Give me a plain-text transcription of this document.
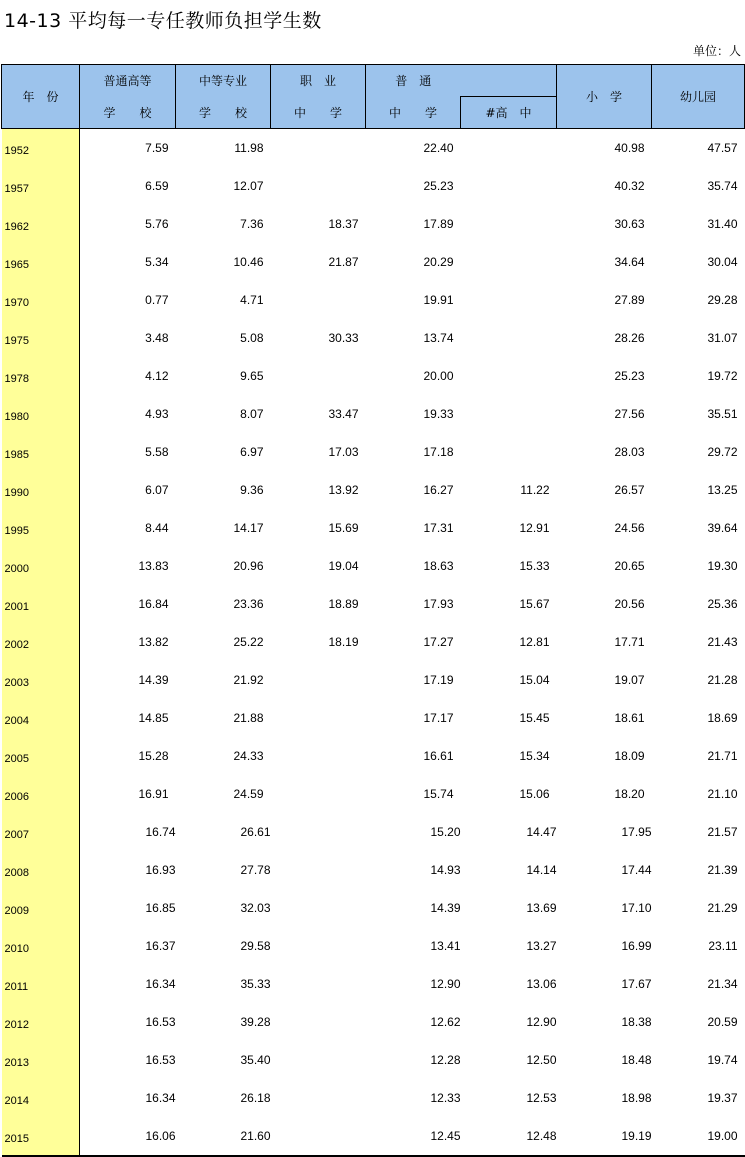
14-13 平均每一专任教师负担学生数
单位：人
年　份	普通高等	中等专业	职　业	普　通		小　学	幼儿园
	学　　校	学　　校	中　　学	中　　学	#高　中		
1952	7.59	11.98		22.40		40.98	47.57
1957	6.59	12.07		25.23		40.32	35.74
1962	5.76	7.36	18.37	17.89		30.63	31.40
1965	5.34	10.46	21.87	20.29		34.64	30.04
1970	0.77	4.71		19.91		27.89	29.28
1975	3.48	5.08	30.33	13.74		28.26	31.07
1978	4.12	9.65		20.00		25.23	19.72
1980	4.93	8.07	33.47	19.33		27.56	35.51
1985	5.58	6.97	17.03	17.18		28.03	29.72
1990	6.07	9.36	13.92	16.27	11.22	26.57	13.25
1995	8.44	14.17	15.69	17.31	12.91	24.56	39.64
2000	13.83	20.96	19.04	18.63	15.33	20.65	19.30
2001	16.84	23.36	18.89	17.93	15.67	20.56	25.36
2002	13.82	25.22	18.19	17.27	12.81	17.71	21.43
2003	14.39	21.92		17.19	15.04	19.07	21.28
2004	14.85	21.88		17.17	15.45	18.61	18.69
2005	15.28	24.33		16.61	15.34	18.09	21.71
2006	16.91	24.59		15.74	15.06	18.20	21.10
2007	16.74	26.61		15.20	14.47	17.95	21.57
2008	16.93	27.78		14.93	14.14	17.44	21.39
2009	16.85	32.03		14.39	13.69	17.10	21.29
2010	16.37	29.58		13.41	13.27	16.99	23.11
2011	16.34	35.33		12.90	13.06	17.67	21.34
2012	16.53	39.28		12.62	12.90	18.38	20.59
2013	16.53	35.40		12.28	12.50	18.48	19.74
2014	16.34	26.18		12.33	12.53	18.98	19.37
2015	16.06	21.60		12.45	12.48	19.19	19.00
